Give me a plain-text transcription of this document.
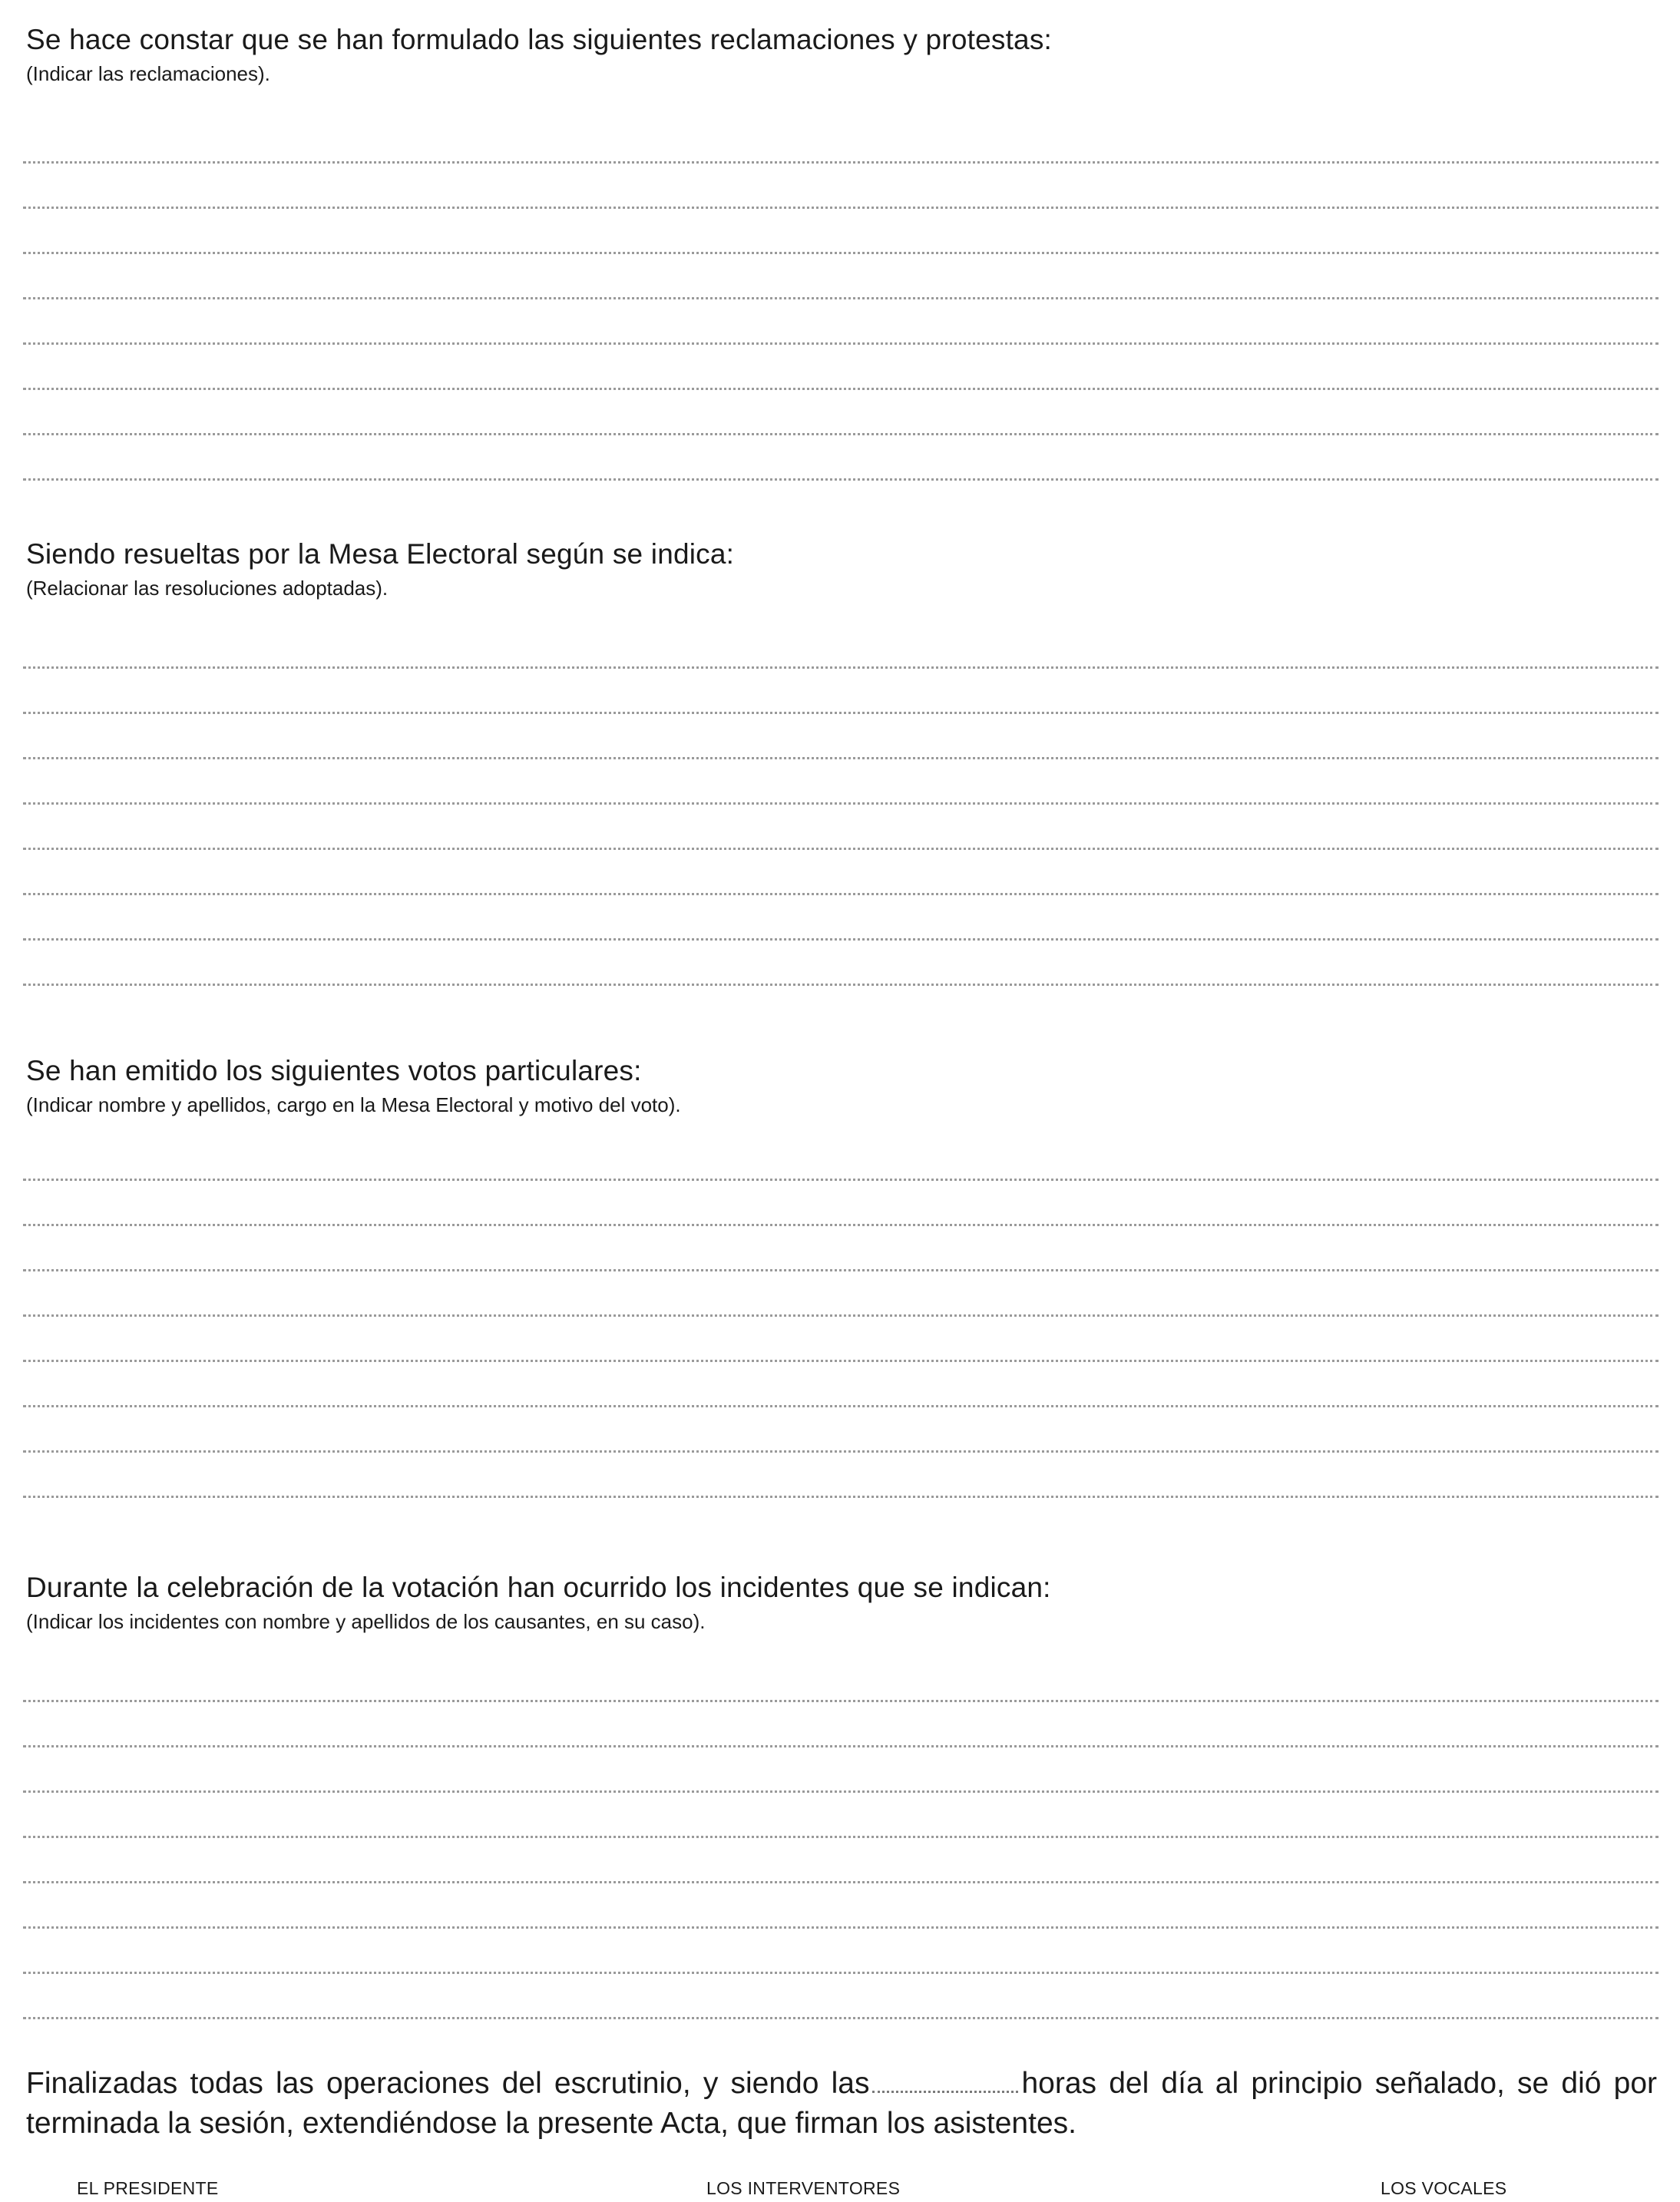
Se hace constar que se han formulado las siguientes reclamaciones y protestas:
(Indicar las reclamaciones).
Siendo resueltas por la Mesa Electoral según se indica:
(Relacionar las resoluciones adoptadas).
Se han emitido los siguientes votos particulares:
(Indicar nombre y apellidos, cargo en la Mesa Electoral y motivo del voto).
Durante la celebración de la votación han ocurrido los incidentes que se indican:
(Indicar los incidentes con nombre y apellidos de los causantes, en su caso).

Finalizadas todas las operaciones del escrutinio, y siendo las	horas del día al principio señalado, se dió por terminada la sesión, extendiéndose la presente Acta, que firman los asistentes.

EL PRESIDENTE	LOS INTERVENTORES	LOS VOCALES
